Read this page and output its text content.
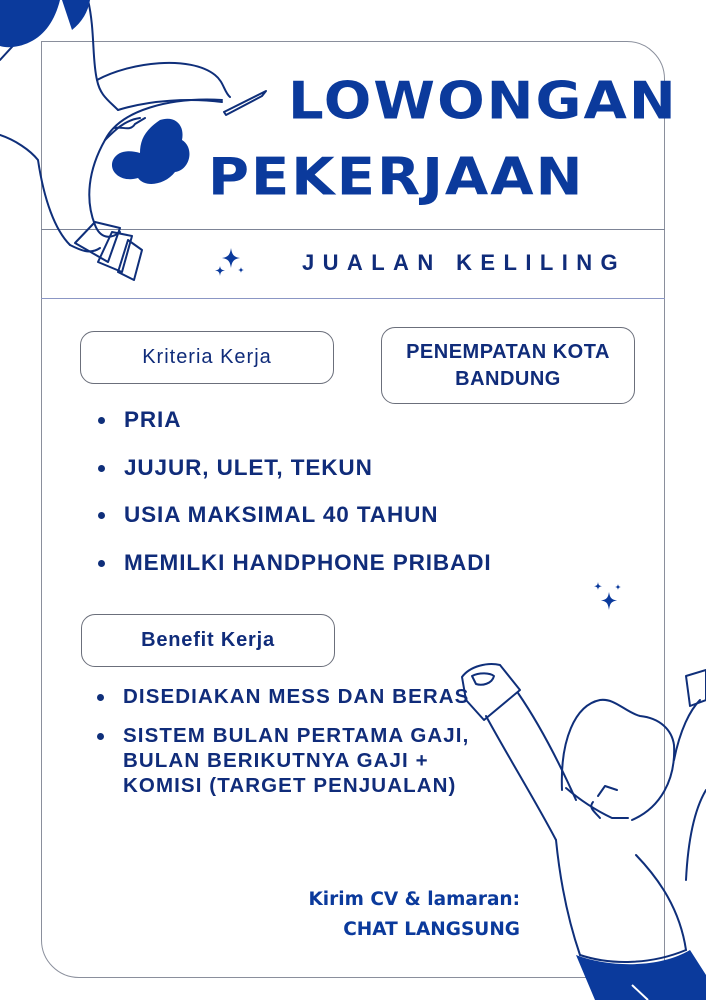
LOWONGAN
PEKERJAAN
JUALAN KELILING
Kriteria Kerja	PENEMPATAN KOTA
BANDUNG
PRIA
JUJUR, ULET, TEKUN
USIA MAKSIMAL 40 TAHUN
MEMILKI HANDPHONE PRIBADI
Benefit Kerja
DISEDIAKAN MESS DAN BERAS
SISTEM BULAN PERTAMA GAJI,
BULAN BERIKUTNYA GAJI +
KOMISI (TARGET PENJUALAN)
Kirim CV & lamaran:
CHAT LANGSUNG
